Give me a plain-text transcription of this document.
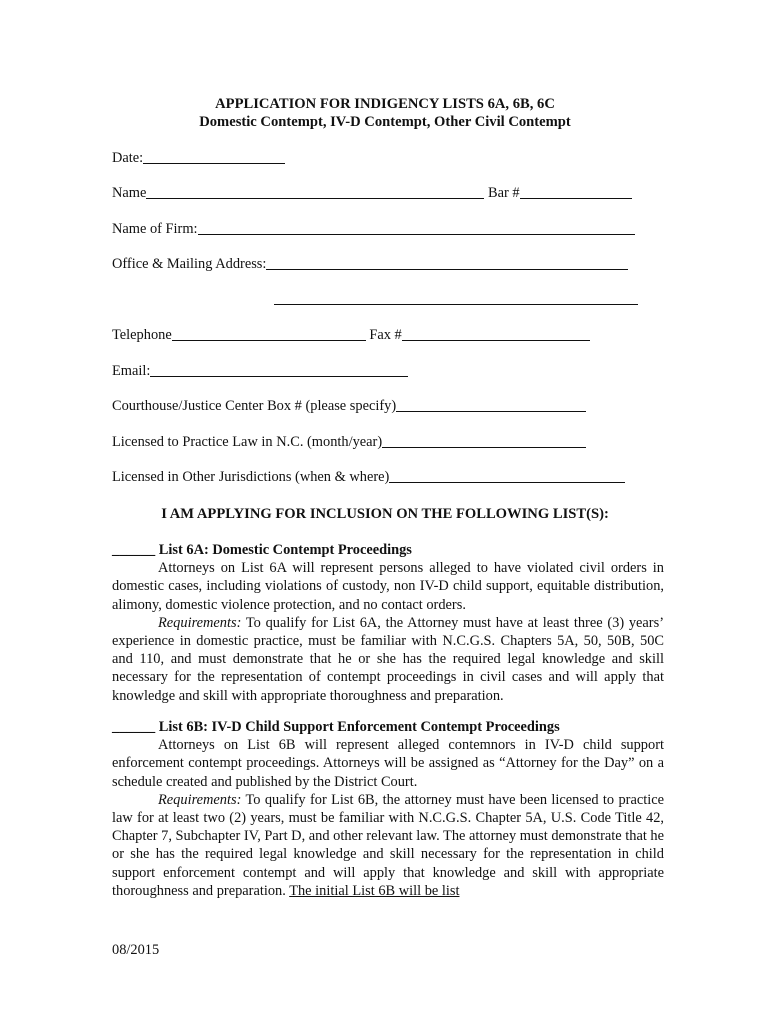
APPLICATION FOR INDIGENCY LISTS 6A, 6B, 6C
Domestic Contempt, IV-D Contempt, Other Civil Contempt
Date:
Name	Bar #
Name of Firm:
Office & Mailing Address:
Telephone	Fax #
Email:
Courthouse/Justice Center Box # (please specify)
Licensed to Practice Law in N.C. (month/year)
Licensed in Other Jurisdictions (when & where)
I AM APPLYING FOR INCLUSION ON THE FOLLOWING LIST(S):
______ List 6A: Domestic Contempt Proceedings
Attorneys on List 6A will represent persons alleged to have violated civil orders in domestic cases, including violations of custody, non IV-D child support, equitable distribution, alimony, domestic violence protection, and no contact orders.
Requirements: To qualify for List 6A, the Attorney must have at least three (3) years’ experience in domestic practice, must be familiar with N.C.G.S. Chapters 5A, 50, 50B, 50C and 110, and must demonstrate that he or she has the required legal knowledge and skill necessary for the representation of contempt proceedings in civil cases and will apply that knowledge and skill with appropriate thoroughness and preparation.
______ List 6B: IV-D Child Support Enforcement Contempt Proceedings
Attorneys on List 6B will represent alleged contemnors in IV-D child support enforcement contempt proceedings. Attorneys will be assigned as “Attorney for the Day” on a schedule created and published by the District Court.
Requirements: To qualify for List 6B, the attorney must have been licensed to practice law for at least two (2) years, must be familiar with N.C.G.S. Chapter 5A, U.S. Code Title 42, Chapter 7, Subchapter IV, Part D, and other relevant law. The attorney must demonstrate that he or she has the required legal knowledge and skill necessary for the representation in child support enforcement contempt and will apply that knowledge and skill with appropriate thoroughness and preparation. The initial List 6B will be list
08/2015
